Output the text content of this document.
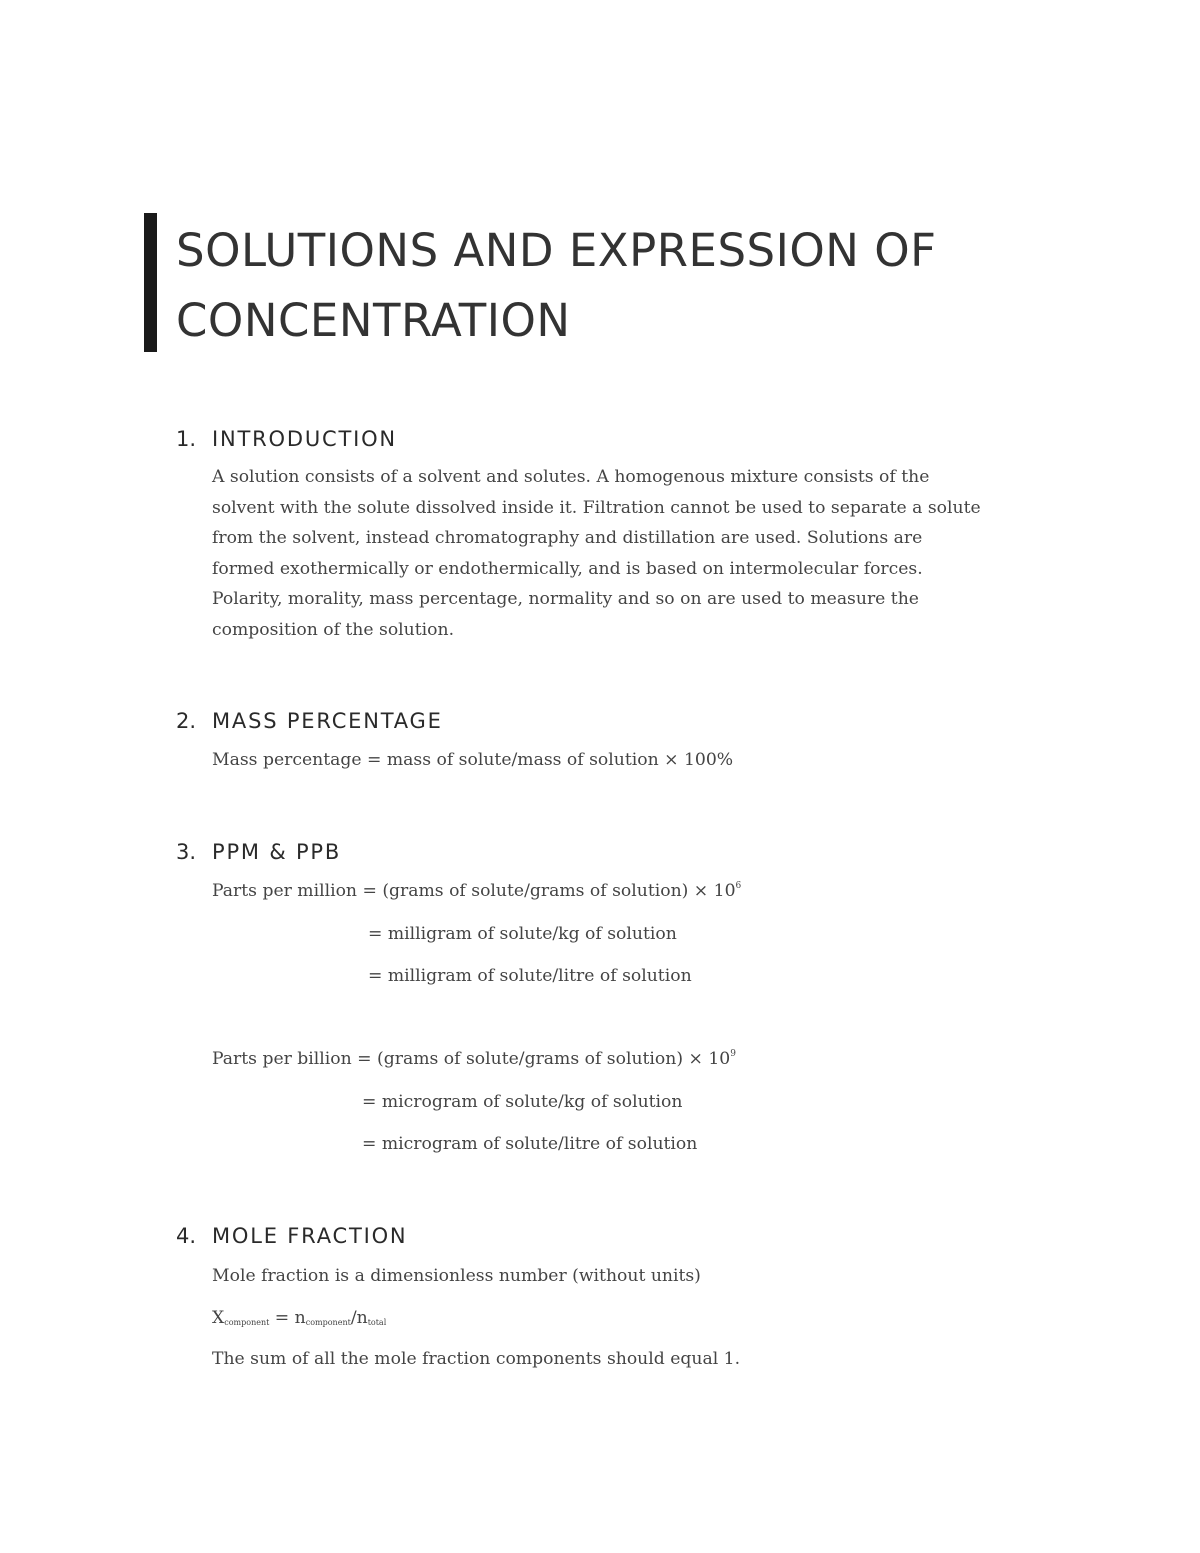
SOLUTIONS AND EXPRESSION OF
CONCENTRATION
1. INTRODUCTION
A solution consists of a solvent and solutes. A homogenous mixture consists of the
solvent with the solute dissolved inside it. Filtration cannot be used to separate a solute
from the solvent, instead chromatography and distillation are used. Solutions are
formed exothermically or endothermically, and is based on intermolecular forces.
Polarity, morality, mass percentage, normality and so on are used to measure the
composition of the solution.
2. MASS PERCENTAGE

Mass percentage = mass of solute/mass of solution × 100%

3. PPM & PPB

Parts per million = (grams of solute/grams of solution) × $10^6$

= milligram of solute/kg of solution

= milligram of solute/litre of solution

Parts per billion = (grams of solute/grams of solution) × $10^9$

= microgram of solute/kg of solution

= microgram of solute/litre of solution

4. MOLE FRACTION

Mole fraction is a dimensionless number (without units)

$X_{component} = n_{component}/n_{total}$

The sum of all the mole fraction components should equal 1.
